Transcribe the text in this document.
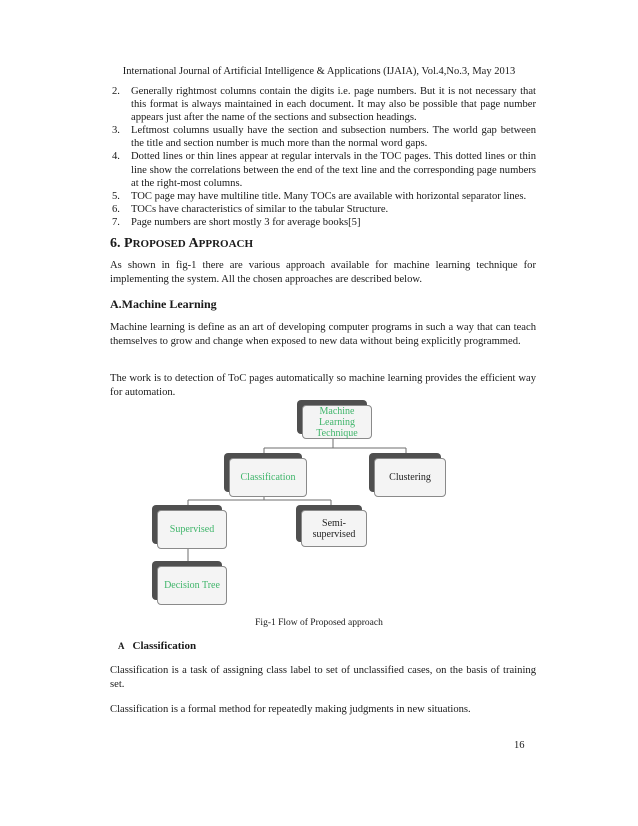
International Journal of Artificial Intelligence & Applications (IJAIA), Vol.4,No.3, May 2013
2. Generally rightmost columns contain the digits i.e. page numbers. But it is not necessary that this format is always maintained in each document. It may also be possible that page number appears just after the name of the sections and subsection headings.
3. Leftmost columns usually have the section and subsection numbers. The world gap between the title and section number is much more than the normal word gaps.
4. Dotted lines or thin lines appear at regular intervals in the TOC pages. This dotted lines or thin line show the correlations between the end of the text line and the corresponding page numbers at the right-most columns.
5. TOC page may have multiline title. Many TOCs are available with horizontal separator lines.
6. TOCs have characteristics of similar to the tabular Structure.
7. Page numbers are short mostly 3 for average books[5]
6. PROPOSED APPROACH

As shown in fig-1 there are various approach available for machine learning technique for implementing the system. All the chosen approaches are described below.

A.Machine Learning

Machine learning is define as an art of developing computer programs in such a way that can teach themselves to grow and change when exposed to new data without being explicitly programmed.

The work is to detection of ToC pages automatically so machine learning provides the efficient way for automation.

Machine Learning Technique
Classification	Clustering
Supervised
Semi-supervised
Decision Tree
Fig-1 Flow of Proposed approach
A Classification

Classification is a task of assigning class label to set of unclassified cases, on the basis of training set.

Classification is a formal method for repeatedly making judgments in new situations.

16
